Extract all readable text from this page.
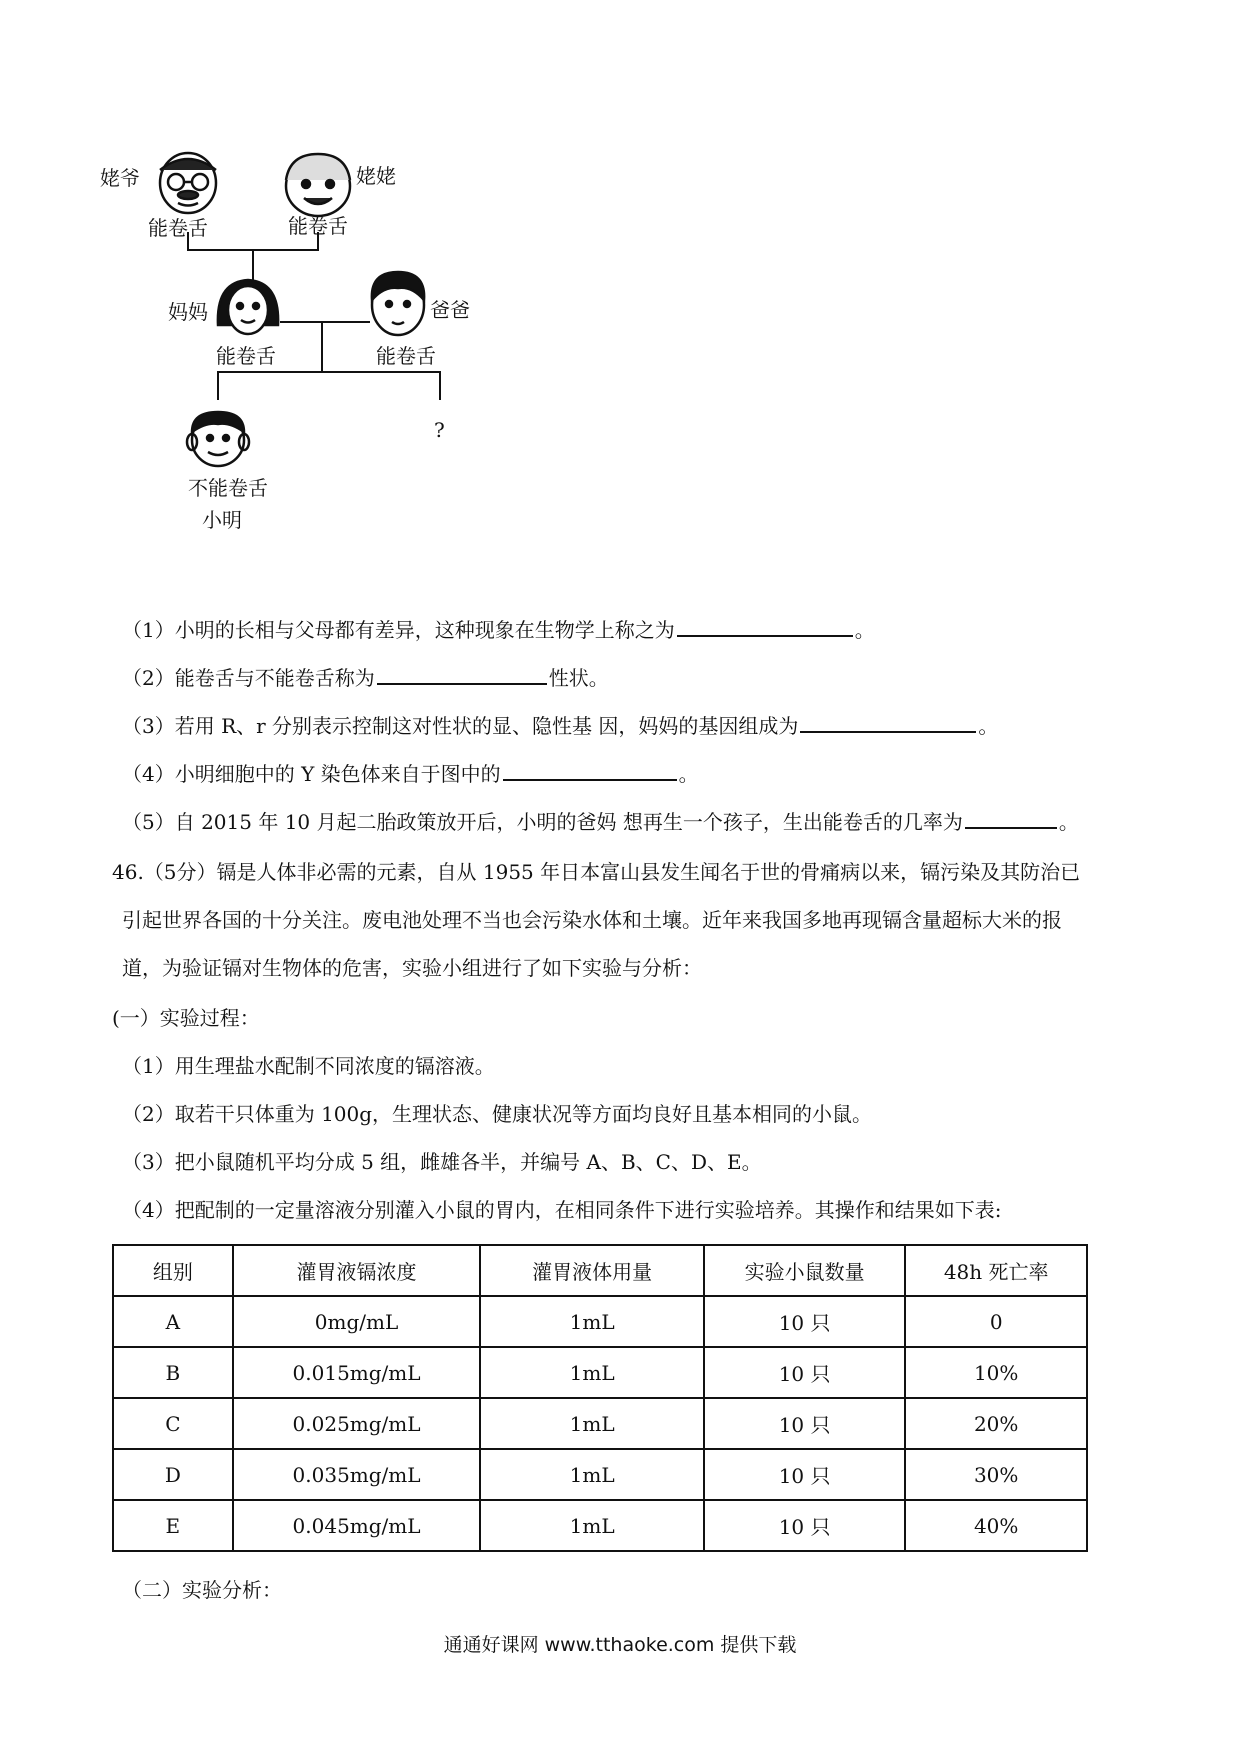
姥爷
能卷舌
姥姥
能卷舌
妈妈
能卷舌
爸爸
能卷舌
?
不能卷舌
小明
（1）小明的长相与父母都有差异，这种现象在生物学上称之为	。
（2）能卷舌与不能卷舌称为	性状。
（3）若用 R、r 分别表示控制这对性状的显、隐性基 因，妈妈的基因组成为	。
（4）小明细胞中的 Y 染色体来自于图中的	。
（5）自 2015 年 10 月起二胎政策放开后，小明的爸妈 想再生一个孩子，生出能卷舌的几率为	。
46.（5分）镉是人体非必需的元素，自从 1955 年日本富山县发生闻名于世的骨痛病以来，镉污染及其防治已引起世界各国的十分关注。废电池处理不当也会污染水体和土壤。近年来我国多地再现镉含量超标大米的报道，为验证镉对生物体的危害，实验小组进行了如下实验与分析：
(一）实验过程：
（1）用生理盐水配制不同浓度的镉溶液。
（2）取若干只体重为 100g，生理状态、健康状况等方面均良好且基本相同的小鼠。
（3）把小鼠随机平均分成 5 组，雌雄各半，并编号 A、B、C、D、E。
（4）把配制的一定量溶液分别灌入小鼠的胃内，在相同条件下进行实验培养。其操作和结果如下表:
组别	灌胃液镉浓度	灌胃液体用量	实验小鼠数量	48h 死亡率
A	0mg/mL	1mL	10 只	0
B	0.015mg/mL	1mL	10 只	10%
C	0.025mg/mL	1mL	10 只	20%
D	0.035mg/mL	1mL	10 只	30%
E	0.045mg/mL	1mL	10 只	40%
（二）实验分析：
通通好课网 www.tthaoke.com 提供下载
